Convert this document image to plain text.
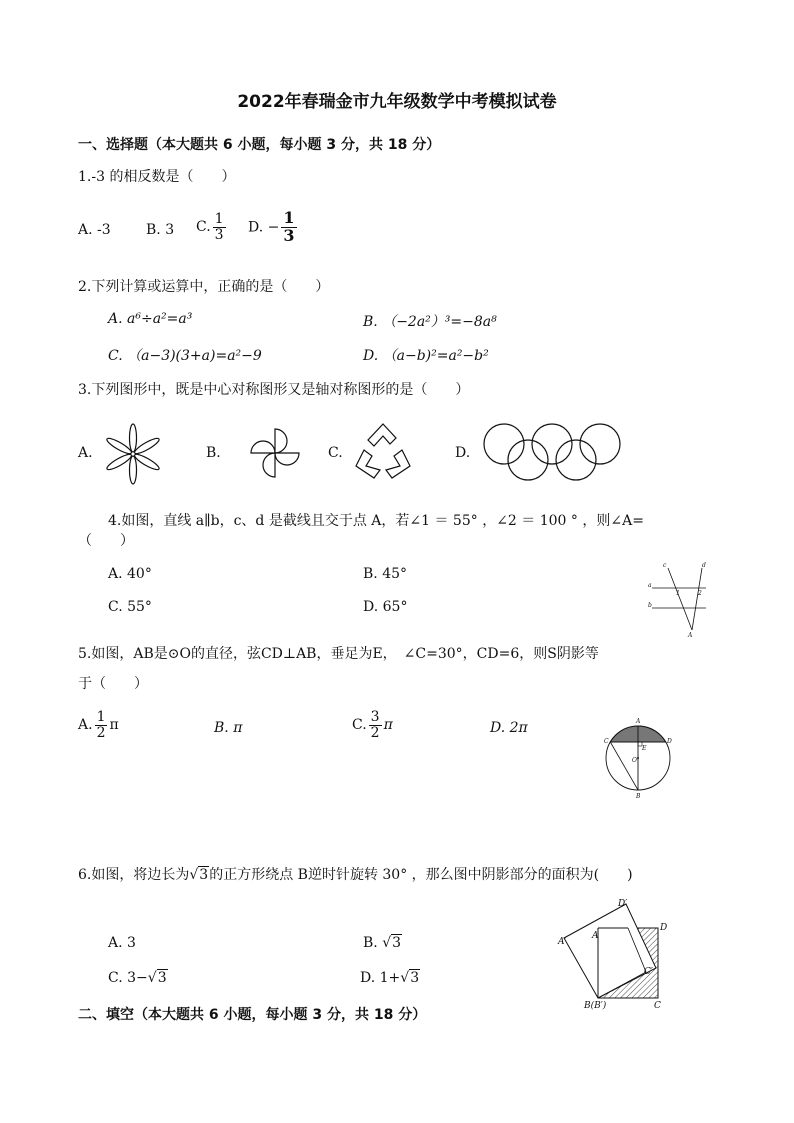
2022年春瑞金市九年级数学中考模拟试卷
一、选择题（本大题共 6 小题，每小题 3 分，共 18 分）
1.-3 的相反数是（　　）
A. -3	B. 3 C. $\frac{1}{3} D$. − $\frac{1}{3}$
2.下列计算或运算中，正确的是（　　）
A. a⁶÷a²=a³	B. （−2a²）³=−8a⁸
C. （a−3)(3+a)=a²−9	D. （a−b)²=a²−b²
3.下列图形中，既是中心对称图形又是轴对称图形的是（　　）
A.	B.	C.	D.
4.如图，直线 a∥b，c、d 是截线且交于点 A，若∠1 ＝ 55° ，∠2 ＝ 100 ° ，则∠A=
（　　）
A. 40°	B. 45°
C. 55°	D. 65°
c	d
a
b
1	2
A
5.如图，AB是⊙O的直径，弦CD⊥AB，垂足为E，　∠C=30°，CD=6，则S阴影等
于（　　）
A. $\frac{1}{2}$ π	B. π	C. $\frac{3}{2}$ π	D. 2π	A
C	D
E
O
B
6.如图，将边长为√3的正方形绕点 B逆时针旋转 30° ，那么图中阴影部分的面积为(　　)
A. 3	B. √3
C. 3−√3	D. 1+√3
D′
D
A
A′
C′
B(B′)	C
二、填空（本大题共 6 小题，每小题 3 分，共 18 分）
